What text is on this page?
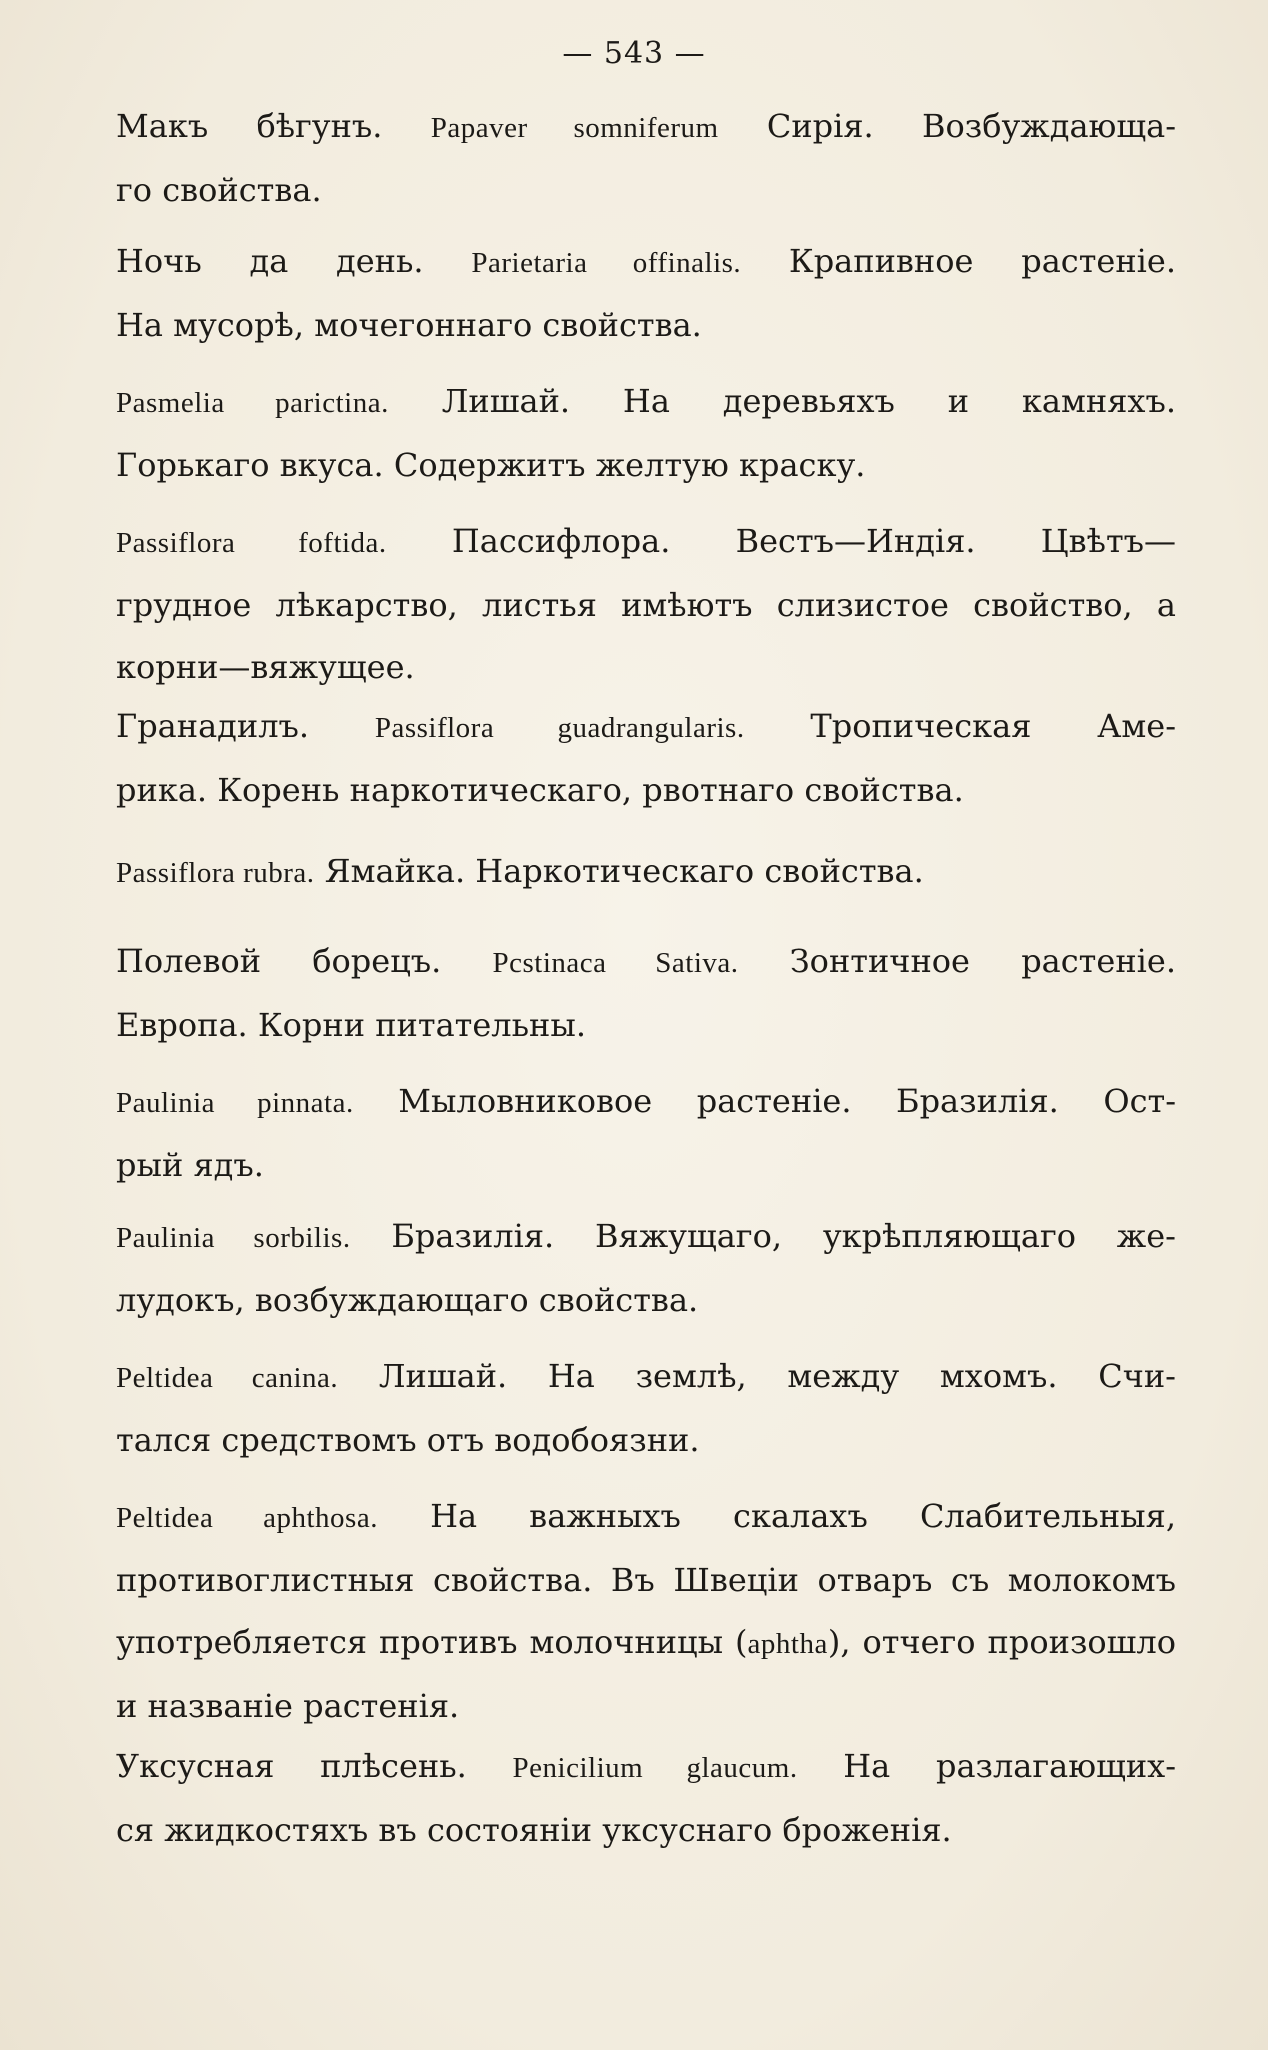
— 543 —
Макъ бѣгунъ. Papaver somniferum Сирія. Возбуждающа-
го свойства.
Ночь да день. Parietaria offinalis. Крапивное растеніе.
На мусорѣ, мочегоннаго свойства.
Pasmelia parictina. Лишай. На деревьяхъ и камняхъ.
Горькаго вкуса. Содержитъ желтую краску.
Passiflora foftida. Пассифлора. Вестъ—Индія. Цвѣтъ—
грудное лѣкарство, листья имѣютъ слизистое свойство, а
корни—вяжущее.
Гранадилъ. Passiflora guadrangularis. Тропическая Аме-
рика. Корень наркотическаго, рвотнаго свойства.
Passiflora rubra. Ямайка. Наркотическаго свойства.
Полевой борецъ. Pcstinaca Sativa. Зонтичное растеніе.
Европа. Корни питательны.
Paulinia pinnata. Мыловниковое растеніе. Бразилія. Ост-
рый ядъ.
Paulinia sorbilis. Бразилія. Вяжущаго, укрѣпляющаго же-
лудокъ, возбуждающаго свойства.
Peltidea canina. Лишай. На землѣ, между мхомъ. Счи-
тался средствомъ отъ водобоязни.
Peltidea aphthosa. На важныхъ скалахъ Слабительныя,
противоглистныя свойства. Въ Швеціи отваръ съ молокомъ
употребляется противъ молочницы (aphtha), отчего произошло
и названіе растенія.
Уксусная плѣсень. Penicilium glaucum. На разлагающих-
ся жидкостяхъ въ состояніи уксуснаго броженія.
